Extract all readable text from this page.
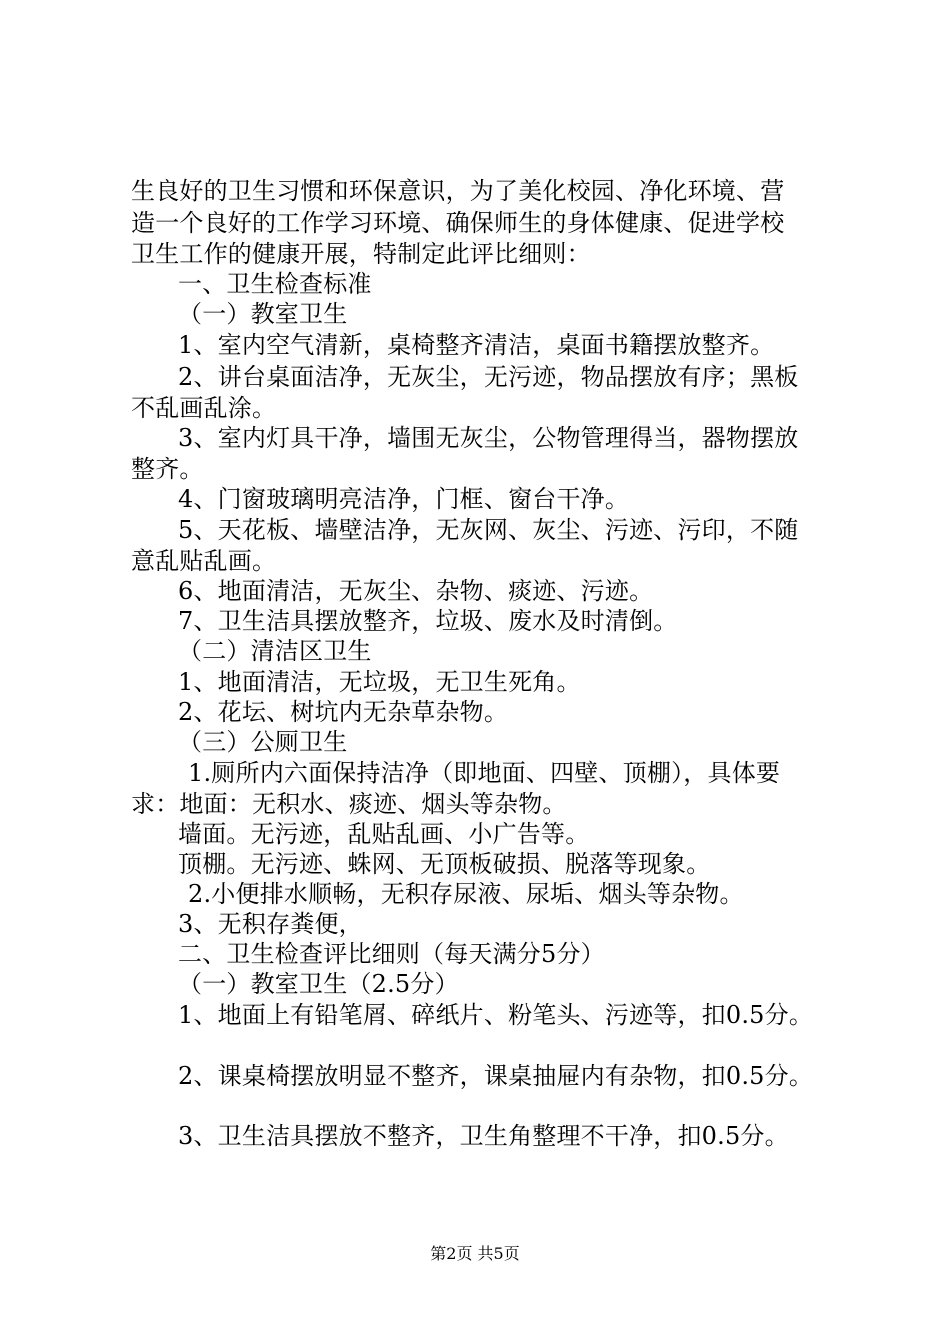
生良好的卫生习惯和环保意识，为了美化校园、净化环境、营
造一个良好的工作学习环境、确保师生的身体健康、促进学校
卫生工作的健康开展，特制定此评比细则：
一、卫生检查标准
（一）教室卫生
1、室内空气清新，桌椅整齐清洁，桌面书籍摆放整齐。
2、讲台桌面洁净，无灰尘，无污迹，物品摆放有序；黑板
不乱画乱涂。
3、室内灯具干净，墙围无灰尘，公物管理得当，器物摆放
整齐。
4、门窗玻璃明亮洁净，门框、窗台干净。
5、天花板、墙壁洁净，无灰网、灰尘、污迹、污印，不随
意乱贴乱画。
6、地面清洁，无灰尘、杂物、痰迹、污迹。
7、卫生洁具摆放整齐，垃圾、废水及时清倒。
（二）清洁区卫生
1、地面清洁，无垃圾，无卫生死角。
2、花坛、树坑内无杂草杂物。
（三）公厕卫生
1.厕所内六面保持洁净（即地面、四壁、顶棚），具体要
求：地面：无积水、痰迹、烟头等杂物。
墙面。无污迹，乱贴乱画、小广告等。
顶棚。无污迹、蛛网、无顶板破损、脱落等现象。
2.小便排水顺畅，无积存尿液、尿垢、烟头等杂物。
3、无积存粪便，
二、卫生检查评比细则（每天满分5分）
（一）教室卫生（2.5分）
1、地面上有铅笔屑、碎纸片、粉笔头、污迹等，扣0.5分。
2、课桌椅摆放明显不整齐，课桌抽屉内有杂物，扣0.5分。
3、卫生洁具摆放不整齐，卫生角整理不干净，扣0.5分。
第2页 共5页
